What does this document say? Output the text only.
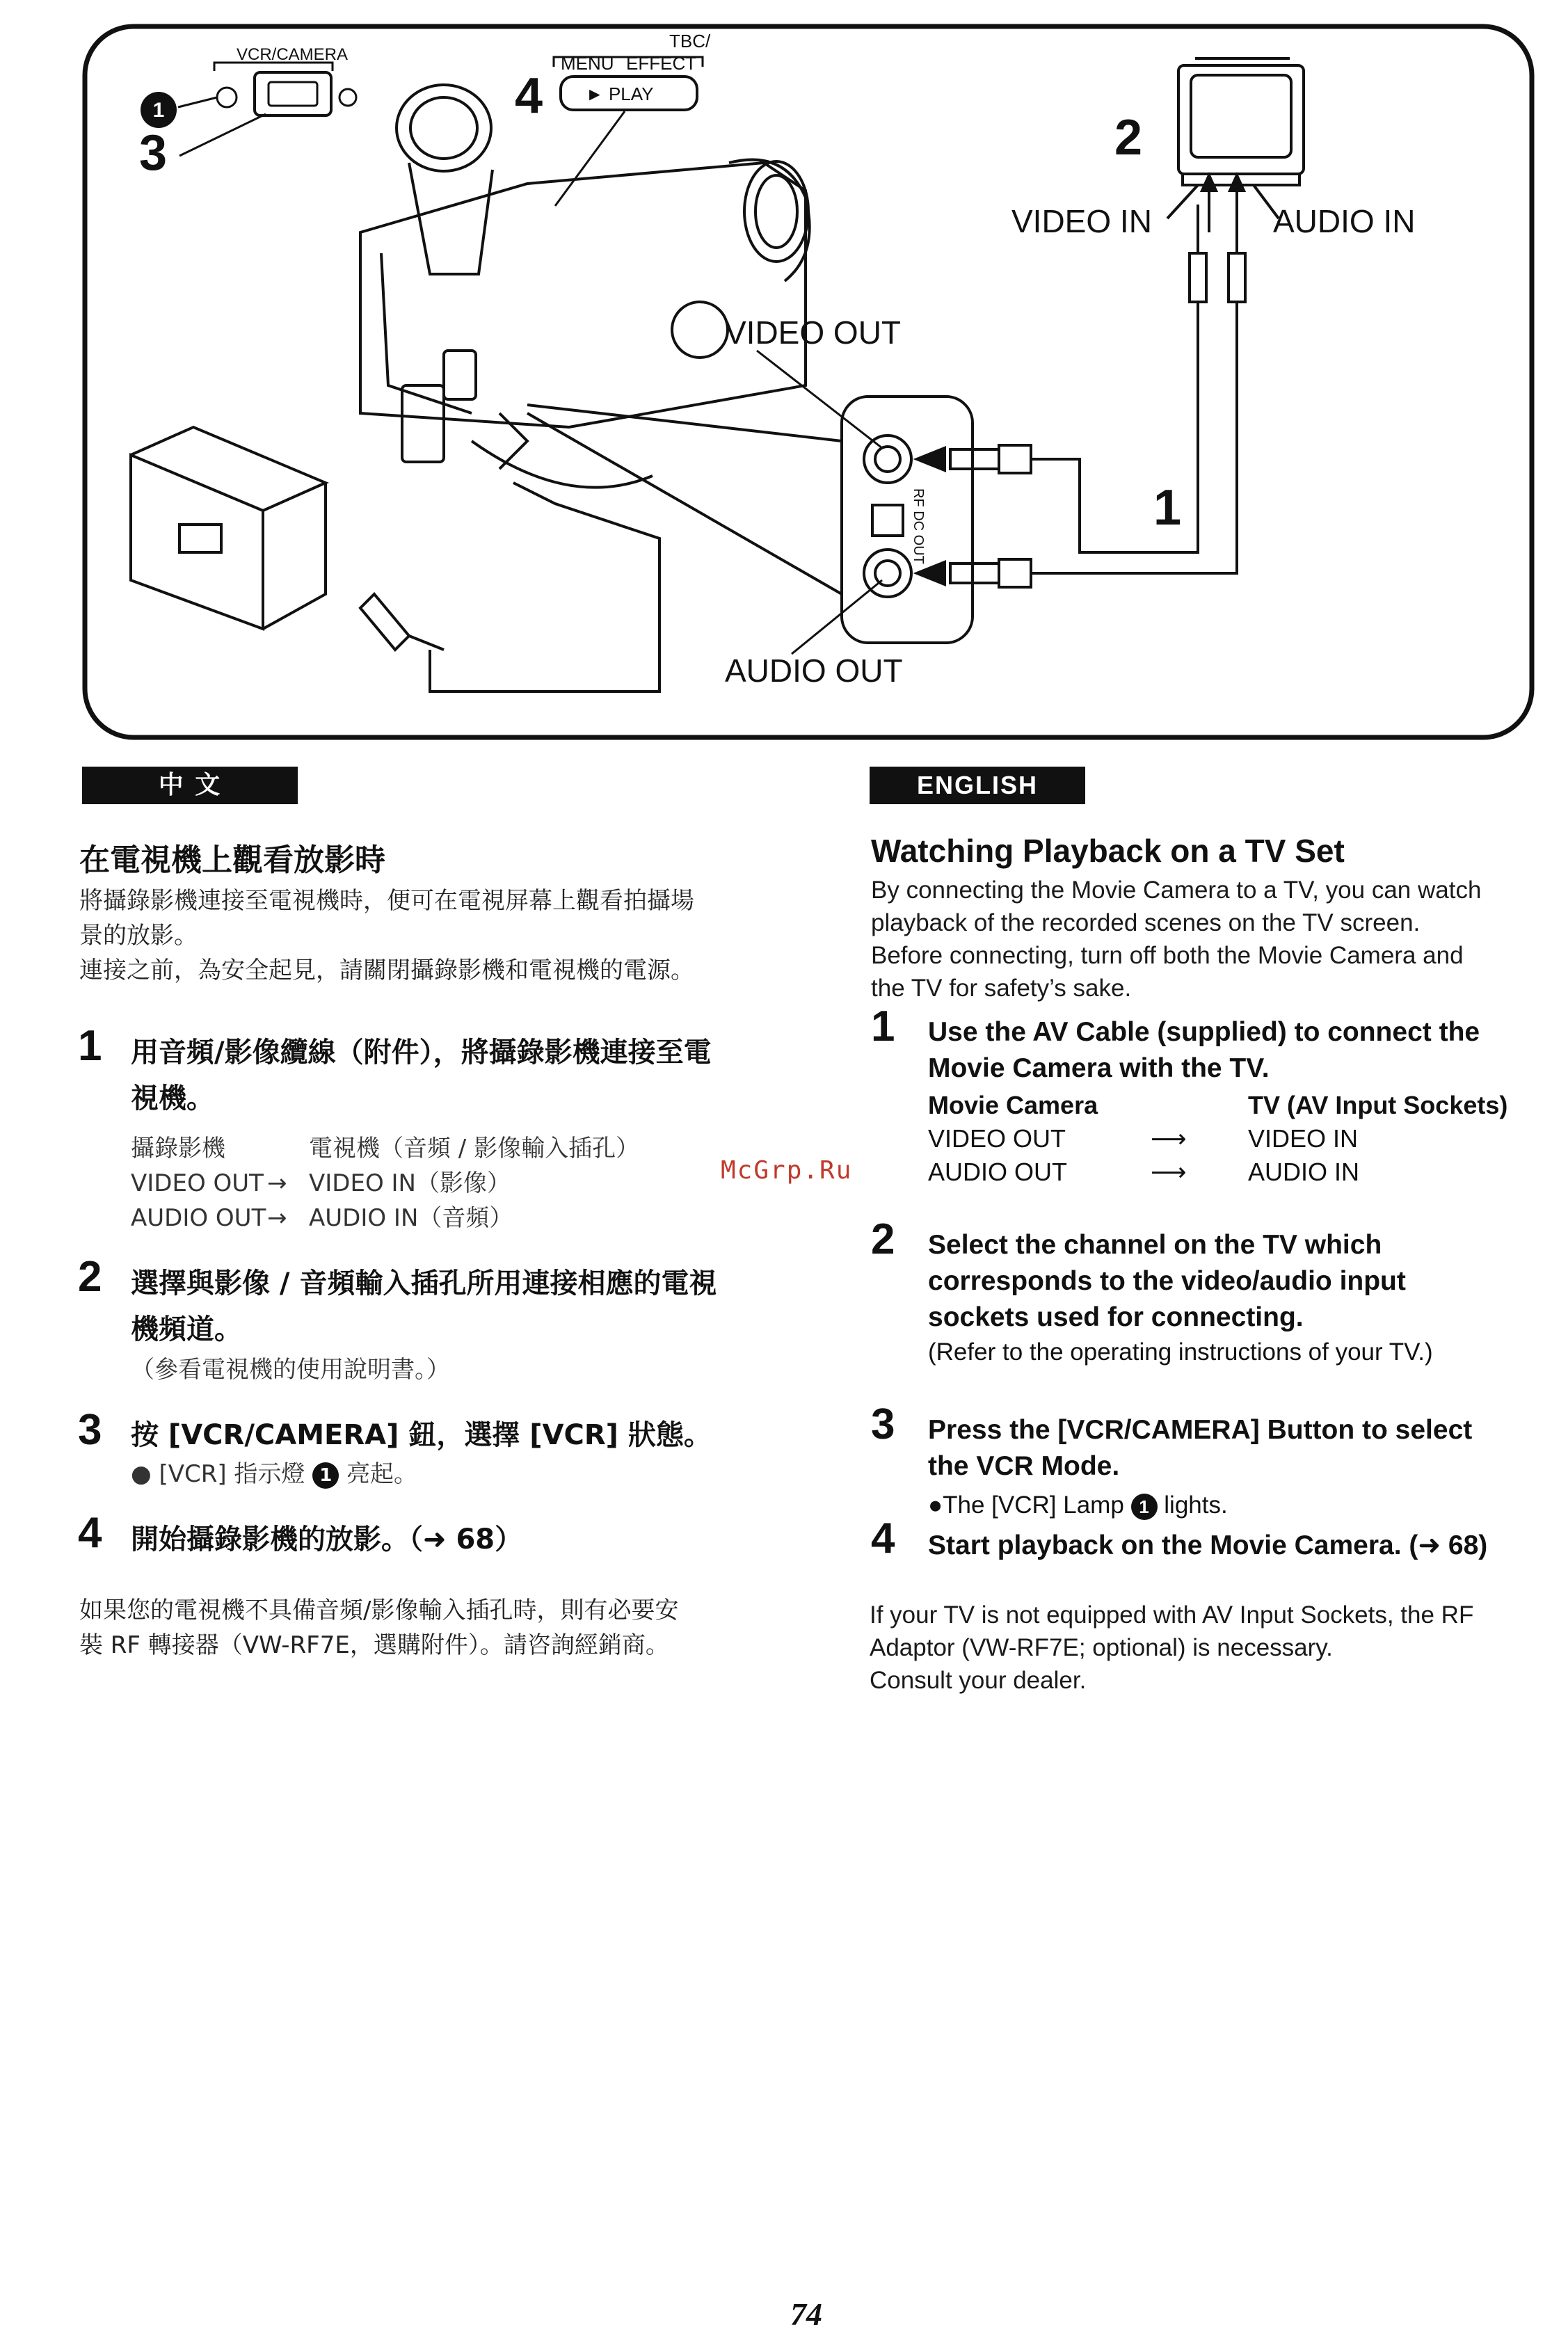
VCR/CAMERA
1
3
TBC/
MENU EFFECT
► PLAY
4
RF DC OUT
VIDEO OUT
AUDIO OUT
1
2
VIDEO IN	AUDIO IN
中 文
在電視機上觀看放影時
將攝錄影機連接至電視機時，便可在電視屏幕上觀看拍攝場
景的放影。
連接之前，為安全起見，請關閉攝錄影機和電視機的電源。
1 用音頻/影像纜線（附件），將攝錄影機連接至電
視機。
攝錄影機	電視機（音頻 / 影像輸入插孔）
VIDEO OUT → VIDEO IN（影像）
AUDIO OUT → AUDIO IN（音頻）
2 選擇與影像 / 音頻輸入插孔所用連接相應的電視
機頻道。
（參看電視機的使用說明書。）
3 按 [VCR/CAMERA] 鈕，選擇 [VCR] 狀態。
● [VCR] 指示燈 1 亮起。
4 開始攝錄影機的放影。（➜ 68）
如果您的電視機不具備音頻/影像輸入插孔時，則有必要安
裝 RF 轉接器（VW-RF7E，選購附件）。請咨詢經銷商。
McGrp.Ru
ENGLISH
Watching Playback on a TV Set
By connecting the Movie Camera to a TV, you can watch
playback of the recorded scenes on the TV screen.
Before connecting, turn off both the Movie Camera and
the TV for safety’s sake.
1 Use the AV Cable (supplied) to connect the
Movie Camera with the TV.
Movie Camera	TV (AV Input Sockets)
VIDEO OUT	⟶ VIDEO IN
AUDIO OUT	⟶ AUDIO IN
2 Select the channel on the TV which
corresponds to the video/audio input
sockets used for connecting.
(Refer to the operating instructions of your TV.)
3 Press the [VCR/CAMERA] Button to select
the VCR Mode.
●The [VCR] Lamp 1 lights.
4 Start playback on the Movie Camera. (➜ 68)
If your TV is not equipped with AV Input Sockets, the RF
Adaptor (VW-RF7E; optional) is necessary.
Consult your dealer.
74
